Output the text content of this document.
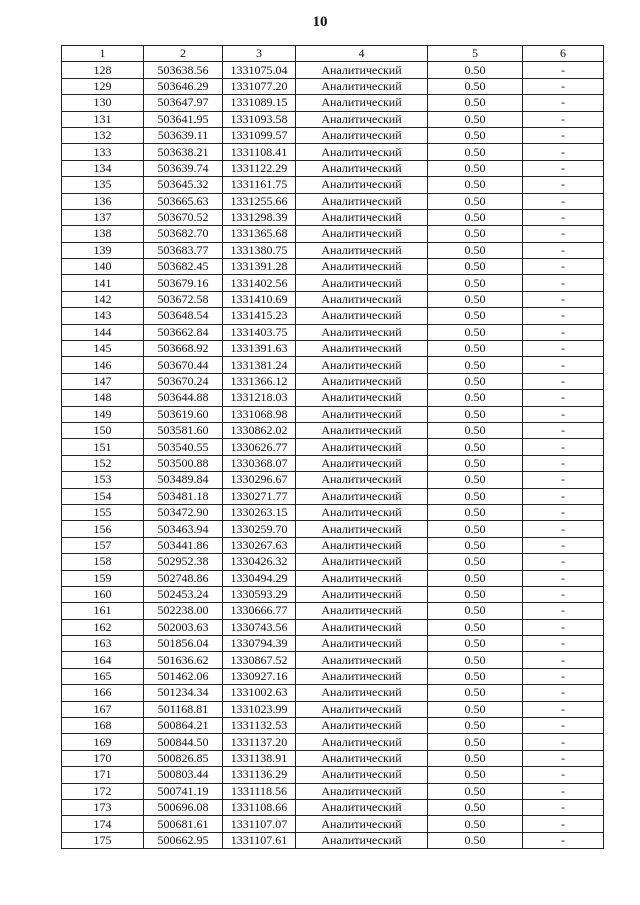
10
1	2	3	4	5	6
128	503638.56	1331075.04	Аналитический	0.50	-
129	503646.29	1331077.20	Аналитический	0.50	-
130	503647.97	1331089.15	Аналитический	0.50	-
131	503641.95	1331093.58	Аналитический	0.50	-
132	503639.11	1331099.57	Аналитический	0.50	-
133	503638.21	1331108.41	Аналитический	0.50	-
134	503639.74	1331122.29	Аналитический	0.50	-
135	503645.32	1331161.75	Аналитический	0.50	-
136	503665.63	1331255.66	Аналитический	0.50	-
137	503670.52	1331298.39	Аналитический	0.50	-
138	503682.70	1331365.68	Аналитический	0.50	-
139	503683.77	1331380.75	Аналитический	0.50	-
140	503682.45	1331391.28	Аналитический	0.50	-
141	503679.16	1331402.56	Аналитический	0.50	-
142	503672.58	1331410.69	Аналитический	0.50	-
143	503648.54	1331415.23	Аналитический	0.50	-
144	503662.84	1331403.75	Аналитический	0.50	-
145	503668.92	1331391.63	Аналитический	0.50	-
146	503670.44	1331381.24	Аналитический	0.50	-
147	503670.24	1331366.12	Аналитический	0.50	-
148	503644.88	1331218.03	Аналитический	0.50	-
149	503619.60	1331068.98	Аналитический	0.50	-
150	503581.60	1330862.02	Аналитический	0.50	-
151	503540.55	1330626.77	Аналитический	0.50	-
152	503500.88	1330368.07	Аналитический	0.50	-
153	503489.84	1330296.67	Аналитический	0.50	-
154	503481.18	1330271.77	Аналитический	0.50	-
155	503472.90	1330263.15	Аналитический	0.50	-
156	503463.94	1330259.70	Аналитический	0.50	-
157	503441.86	1330267.63	Аналитический	0.50	-
158	502952.38	1330426.32	Аналитический	0.50	-
159	502748.86	1330494.29	Аналитический	0.50	-
160	502453.24	1330593.29	Аналитический	0.50	-
161	502238.00	1330666.77	Аналитический	0.50	-
162	502003.63	1330743.56	Аналитический	0.50	-
163	501856.04	1330794.39	Аналитический	0.50	-
164	501636.62	1330867.52	Аналитический	0.50	-
165	501462.06	1330927.16	Аналитический	0.50	-
166	501234.34	1331002.63	Аналитический	0.50	-
167	501168.81	1331023.99	Аналитический	0.50	-
168	500864.21	1331132.53	Аналитический	0.50	-
169	500844.50	1331137.20	Аналитический	0.50	-
170	500826.85	1331138.91	Аналитический	0.50	-
171	500803.44	1331136.29	Аналитический	0.50	-
172	500741.19	1331118.56	Аналитический	0.50	-
173	500696.08	1331108.66	Аналитический	0.50	-
174	500681.61	1331107.07	Аналитический	0.50	-
175	500662.95	1331107.61	Аналитический	0.50	-
